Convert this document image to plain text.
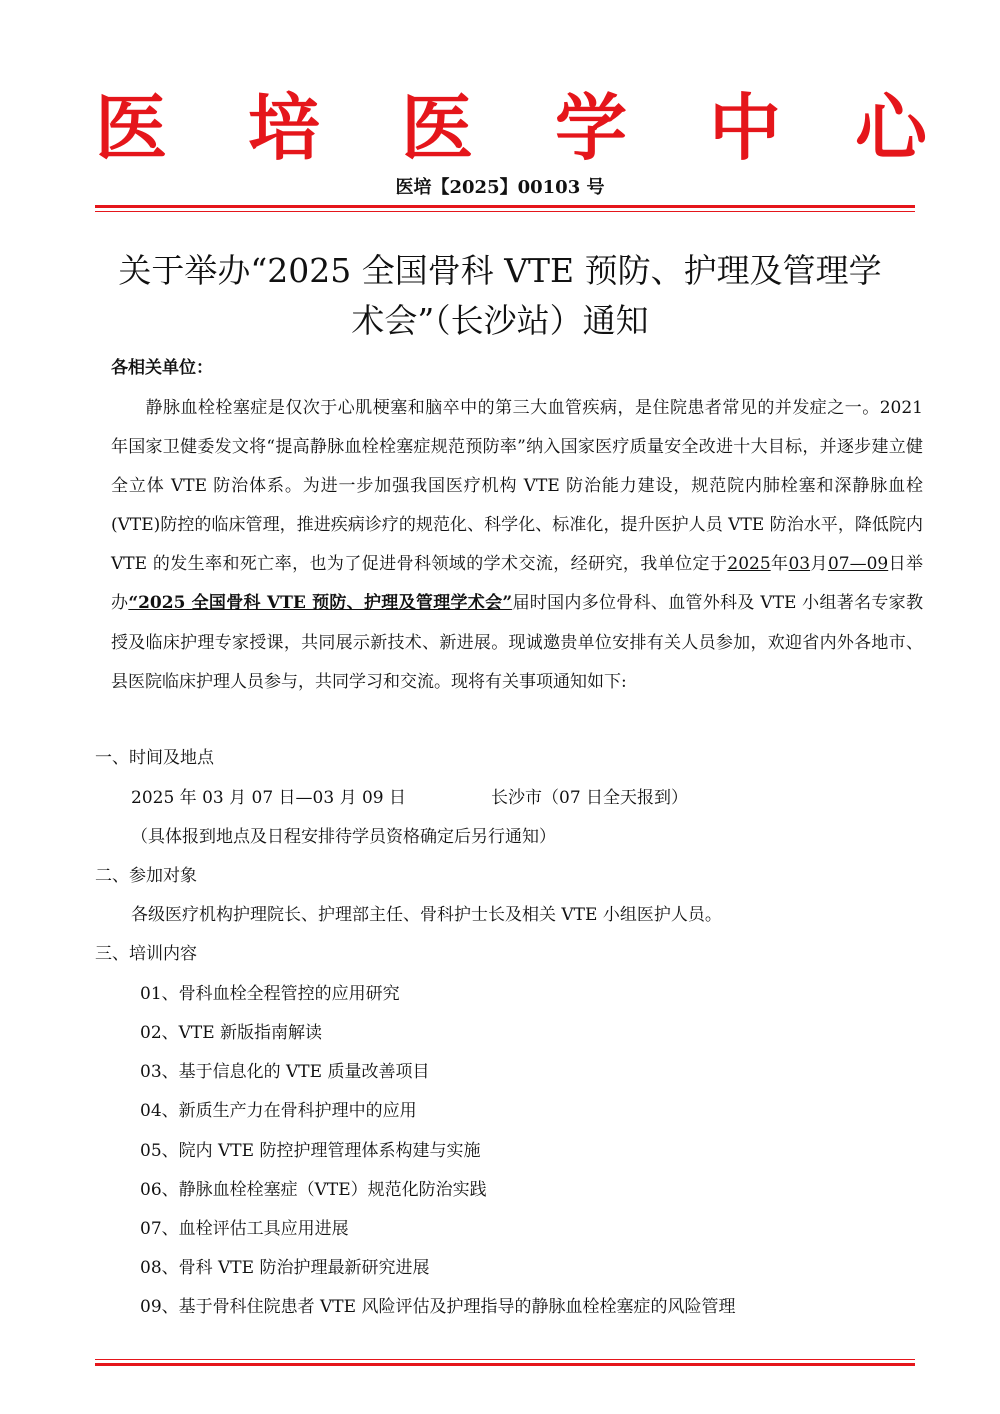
医 培 医 学 中 心
医培【2025】00103 号
关于举办“2025 全国骨科 VTE 预防、护理及管理学
术会”（长沙站）通知
各相关单位：
静脉血栓栓塞症是仅次于心肌梗塞和脑卒中的第三大血管疾病，是住院患者常见的并发症之一。2021 年国家卫健委发文将“提高静脉血栓栓塞症规范预防率”纳入国家医疗质量安全改进十大目标，并逐步建立健全立体 VTE 防治体系。为进一步加强我国医疗机构 VTE 防治能力建设，规范院内肺栓塞和深静脉血栓(VTE)防控的临床管理，推进疾病诊疗的规范化、科学化、标准化，提升医护人员 VTE 防治水平，降低院内 VTE 的发生率和死亡率，也为了促进骨科领域的学术交流，经研究，我单位定于2025年03月07—09日举办“2025 全国骨科 VTE 预防、护理及管理学术会”届时国内多位骨科、血管外科及 VTE 小组著名专家教授及临床护理专家授课，共同展示新技术、新进展。现诚邀贵单位安排有关人员参加，欢迎省内外各地市、县医院临床护理人员参与，共同学习和交流。现将有关事项通知如下:
一、时间及地点
2025 年 03 月 07 日—03 月 09 日	长沙市（07 日全天报到）
（具体报到地点及日程安排待学员资格确定后另行通知）
二、参加对象
各级医疗机构护理院长、护理部主任、骨科护士长及相关 VTE 小组医护人员。
三、培训内容
01、骨科血栓全程管控的应用研究
02、VTE 新版指南解读
03、基于信息化的 VTE 质量改善项目
04、新质生产力在骨科护理中的应用
05、院内 VTE 防控护理管理体系构建与实施
06、静脉血栓栓塞症（VTE）规范化防治实践
07、血栓评估工具应用进展
08、骨科 VTE 防治护理最新研究进展
09、基于骨科住院患者 VTE 风险评估及护理指导的静脉血栓栓塞症的风险管理
